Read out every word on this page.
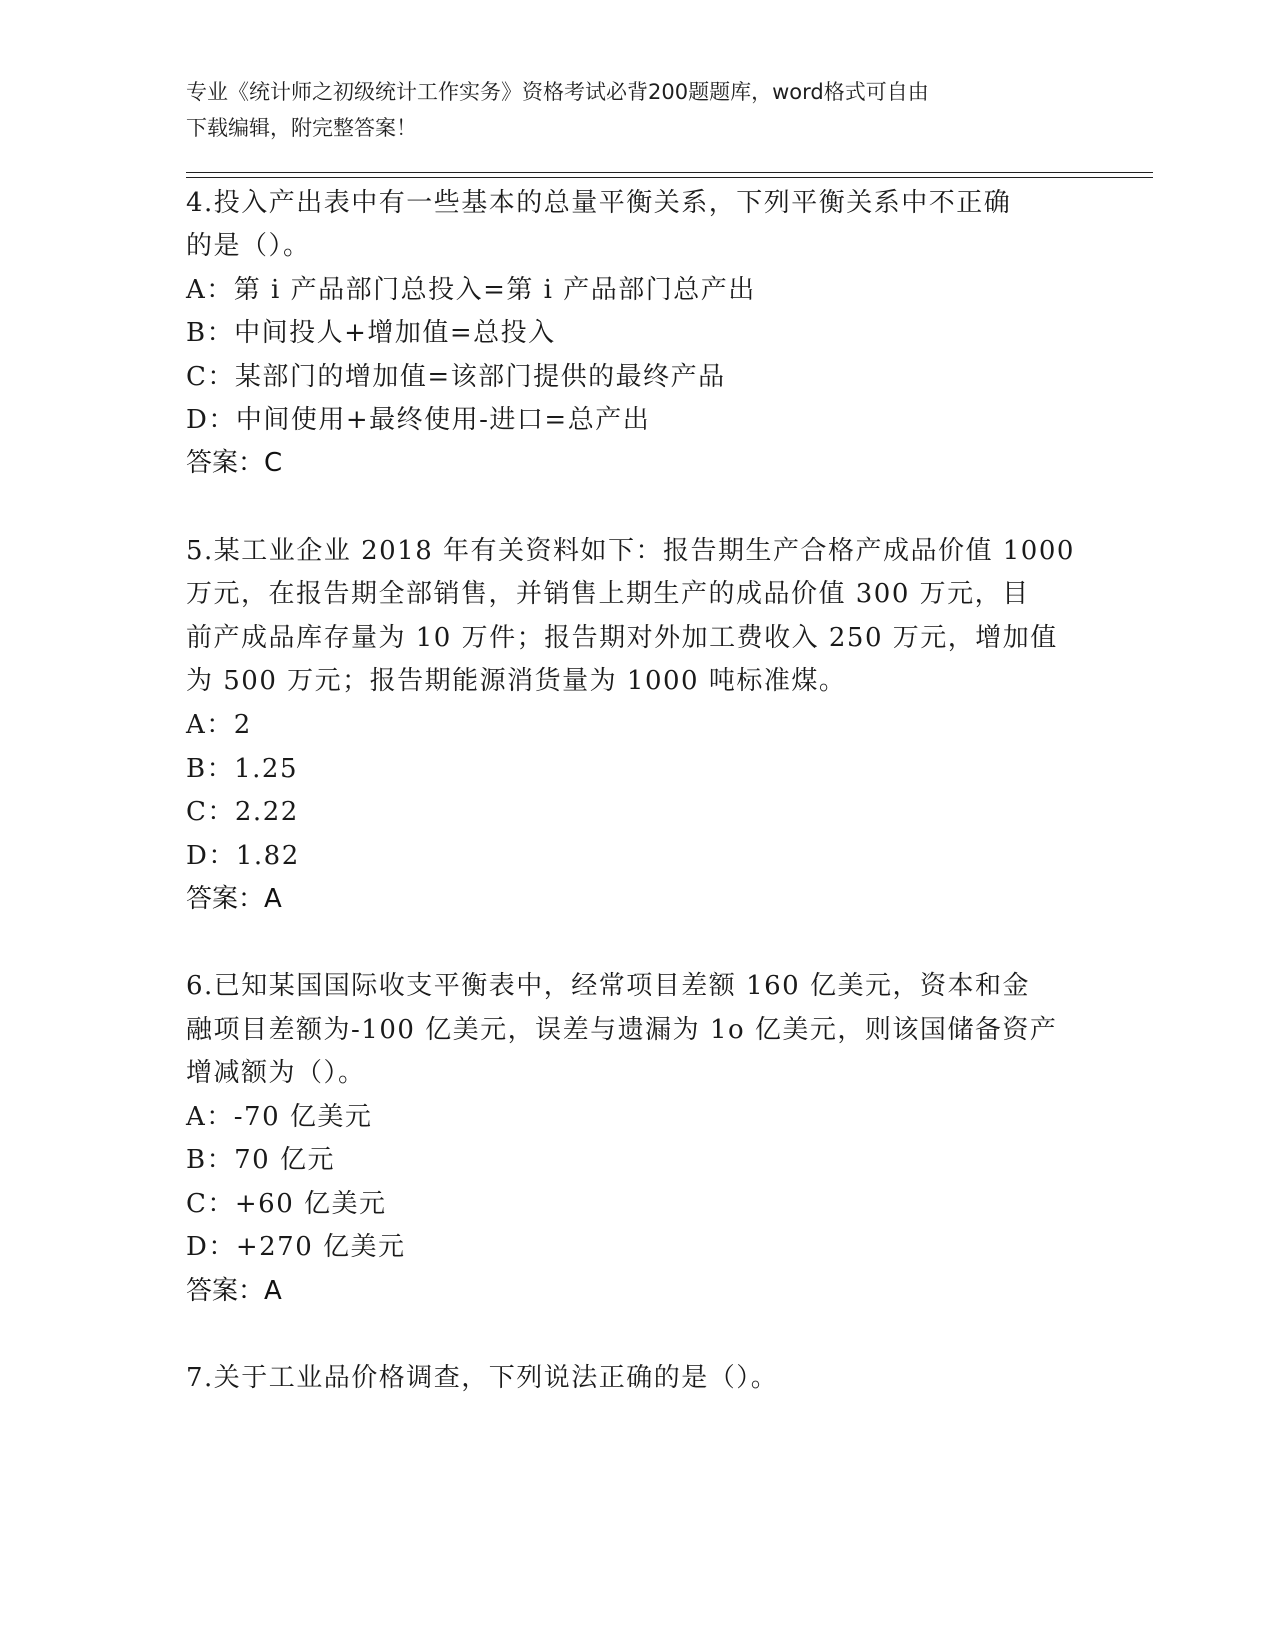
专业《统计师之初级统计工作实务》资格考试必背200题题库，word格式可自由
下载编辑，附完整答案！
4.投入产出表中有一些基本的总量平衡关系，下列平衡关系中不正确
的是（）。
A：第 i 产品部门总投入=第 i 产品部门总产出
B：中间投人+增加值=总投入
C：某部门的增加值=该部门提供的最终产品
D：中间使用+最终使用-进口=总产出
答案：C
5.某工业企业 2018 年有关资料如下：报告期生产合格产成品价值 1000
万元，在报告期全部销售，并销售上期生产的成品价值 300 万元，目
前产成品库存量为 10 万件；报告期对外加工费收入 250 万元，增加值
为 500 万元；报告期能源消货量为 1000 吨标准煤。
A：2
B：1.25
C：2.22
D：1.82
答案：A
6.已知某国国际收支平衡表中，经常项目差额 160 亿美元，资本和金
融项目差额为-100 亿美元，误差与遗漏为 1o 亿美元，则该国储备资产
增减额为（）。
A：-70 亿美元
B：70 亿元
C：+60 亿美元
D：+270 亿美元
答案：A
7.关于工业品价格调查，下列说法正确的是（）。
